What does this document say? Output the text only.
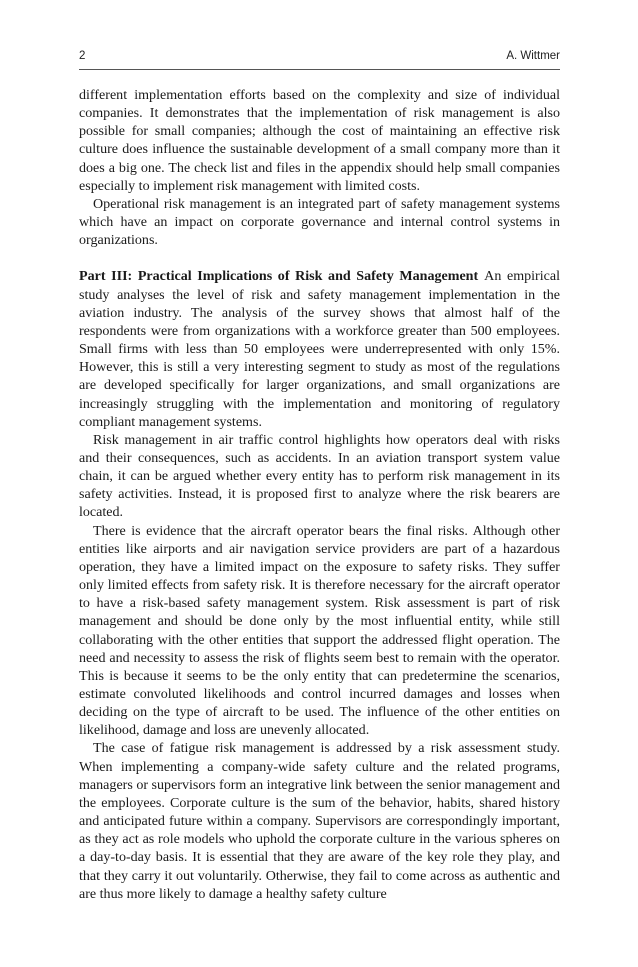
2	A. Wittmer

different implementation efforts based on the complexity and size of individual companies. It demonstrates that the implementation of risk management is also possible for small companies; although the cost of maintaining an effective risk culture does influence the sustainable development of a small company more than it does a big one. The check list and files in the appendix should help small companies especially to implement risk management with limited costs.

Operational risk management is an integrated part of safety management systems which have an impact on corporate governance and internal control systems in organizations.

Part III: Practical Implications of Risk and Safety Management An empirical study analyses the level of risk and safety management implementation in the aviation industry. The analysis of the survey shows that almost half of the respondents were from organizations with a workforce greater than 500 employees. Small firms with less than 50 employees were underrepresented with only 15%. However, this is still a very interesting segment to study as most of the regulations are developed specifically for larger organizations, and small organizations are increasingly struggling with the implementation and monitoring of regulatory compliant management systems.

Risk management in air traffic control highlights how operators deal with risks and their consequences, such as accidents. In an aviation transport system value chain, it can be argued whether every entity has to perform risk management in its safety activities. Instead, it is proposed first to analyze where the risk bearers are located.

There is evidence that the aircraft operator bears the final risks. Although other entities like airports and air navigation service providers are part of a hazardous operation, they have a limited impact on the exposure to safety risks. They suffer only limited effects from safety risk. It is therefore necessary for the aircraft operator to have a risk-based safety management system. Risk assessment is part of risk management and should be done only by the most influential entity, while still collaborating with the other entities that support the addressed flight operation. The need and necessity to assess the risk of flights seem best to remain with the operator. This is because it seems to be the only entity that can predetermine the scenarios, estimate convoluted likelihoods and control incurred damages and losses when deciding on the type of aircraft to be used. The influence of the other entities on likelihood, damage and loss are unevenly allocated.

The case of fatigue risk management is addressed by a risk assessment study. When implementing a company-wide safety culture and the related programs, managers or supervisors form an integrative link between the senior management and the employees. Corporate culture is the sum of the behavior, habits, shared history and anticipated future within a company. Supervisors are correspondingly important, as they act as role models who uphold the corporate culture in the various spheres on a day-to-day basis. It is essential that they are aware of the key role they play, and that they carry it out voluntarily. Otherwise, they fail to come across as authentic and are thus more likely to damage a healthy safety culture
